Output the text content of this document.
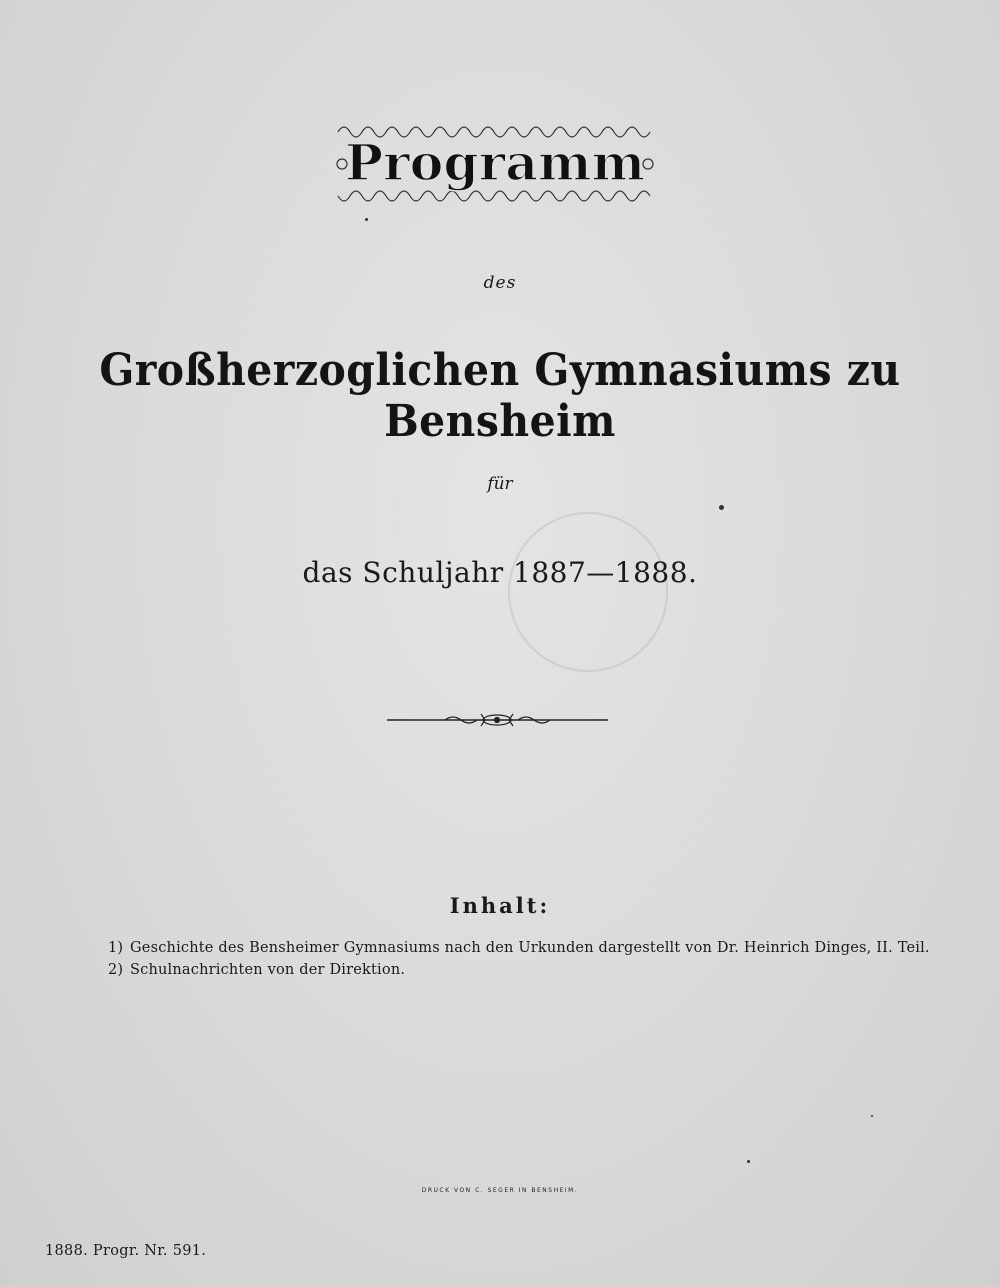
Programm
des
Großherzoglichen Gymnasiums zu Bensheim
für
das Schuljahr 1887—1888.
Inhalt:
1) Geschichte des Bensheimer Gymnasiums nach den Urkunden dargestellt von Dr. Heinrich Dinges, II. Teil.
2) Schulnachrichten von der Direktion.
DRUCK VON C. SEGER IN BENSHEIM.
1888. Progr. Nr. 591.
